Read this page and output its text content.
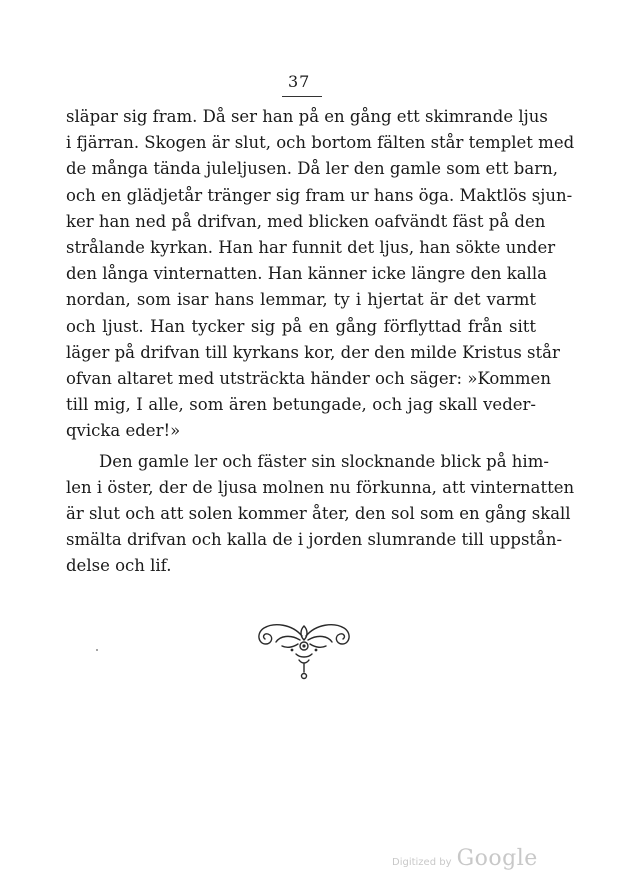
37
släpar sig fram. Då ser han på en gång ett skimrande ljus
i fjärran. Skogen är slut, och bortom fälten står templet med
de många tända juleljusen. Då ler den gamle som ett barn,
och en glädjetår tränger sig fram ur hans öga. Maktlös sjun-
ker han ned på drifvan, med blicken oafvändt fäst på den
strålande kyrkan. Han har funnit det ljus, han sökte under
den långa vinternatten. Han känner icke längre den kalla
nordan, som isar hans lemmar, ty i hjertat är det varmt
och ljust. Han tycker sig på en gång förflyttad från sitt
läger på drifvan till kyrkans kor, der den milde Kristus står
ofvan altaret med utsträckta händer och säger: »Kommen
till mig, I alle, som ären betungade, och jag skall veder-
qvicka eder!»
Den gamle ler och fäster sin slocknande blick på him-
len i öster, der de ljusa molnen nu förkunna, att vinternatten
är slut och att solen kommer åter, den sol som en gång skall
smälta drifvan och kalla de i jorden slumrande till uppstån-
delse och lif.
Digitized by Google
